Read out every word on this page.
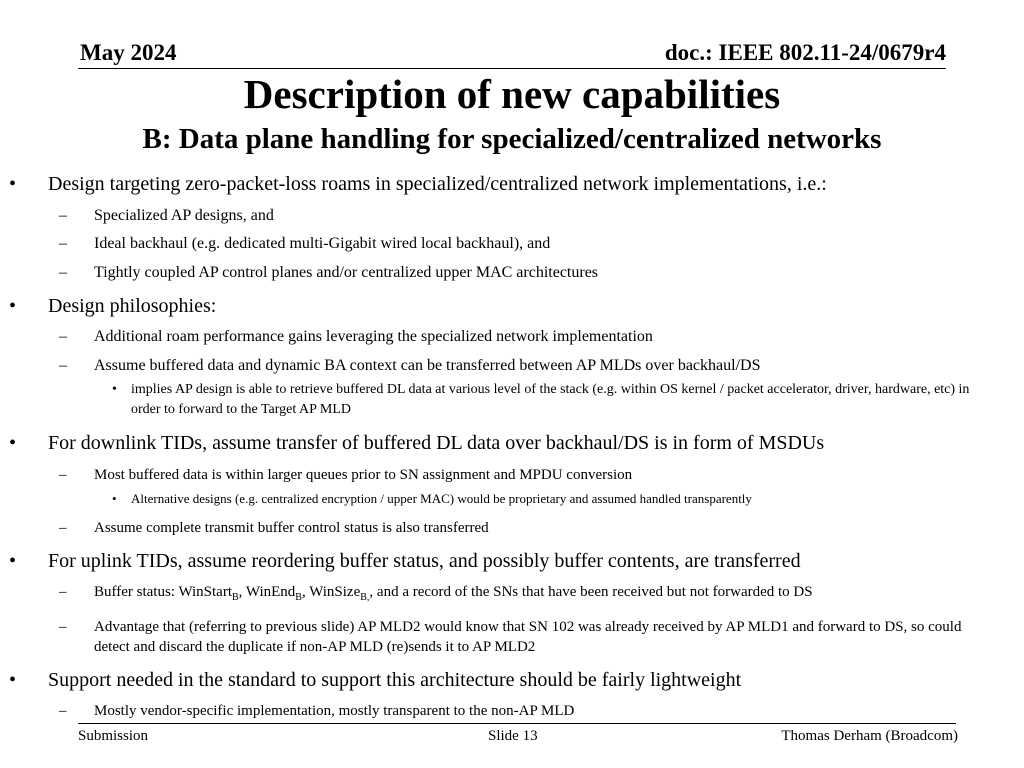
May 2024	doc.: IEEE 802.11-24/0679r4
Description of new capabilities
B: Data plane handling for specialized/centralized networks
• Design targeting zero-packet-loss roams in specialized/centralized network implementations, i.e.:
– Specialized AP designs, and
– Ideal backhaul (e.g. dedicated multi-Gigabit wired local backhaul), and
– Tightly coupled AP control planes and/or centralized upper MAC architectures
• Design philosophies:
– Additional roam performance gains leveraging the specialized network implementation
– Assume buffered data and dynamic BA context can be transferred between AP MLDs over backhaul/DS
• implies AP design is able to retrieve buffered DL data at various level of the stack (e.g. within OS kernel / packet accelerator, driver, hardware, etc) in order to forward to the Target AP MLD
• For downlink TIDs, assume transfer of buffered DL data over backhaul/DS is in form of MSDUs
– Most buffered data is within larger queues prior to SN assignment and MPDU conversion
• Alternative designs (e.g. centralized encryption / upper MAC) would be proprietary and assumed handled transparently
– Assume complete transmit buffer control status is also transferred
• For uplink TIDs, assume reordering buffer status, and possibly buffer contents, are transferred
– Buffer status: WinStart$_B$, WinEnd$_B$, WinSize$_{B,}$, and a record of the SNs that have been received but not forwarded to DS
– Advantage that (referring to previous slide) AP MLD2 would know that SN 102 was already received by AP MLD1 and forward to DS, so could detect and discard the duplicate if non-AP MLD (re)sends it to AP MLD2
• Support needed in the standard to support this architecture should be fairly lightweight
– Mostly vendor-specific implementation, mostly transparent to the non-AP MLD
Submission	Slide 13	Thomas Derham (Broadcom)
